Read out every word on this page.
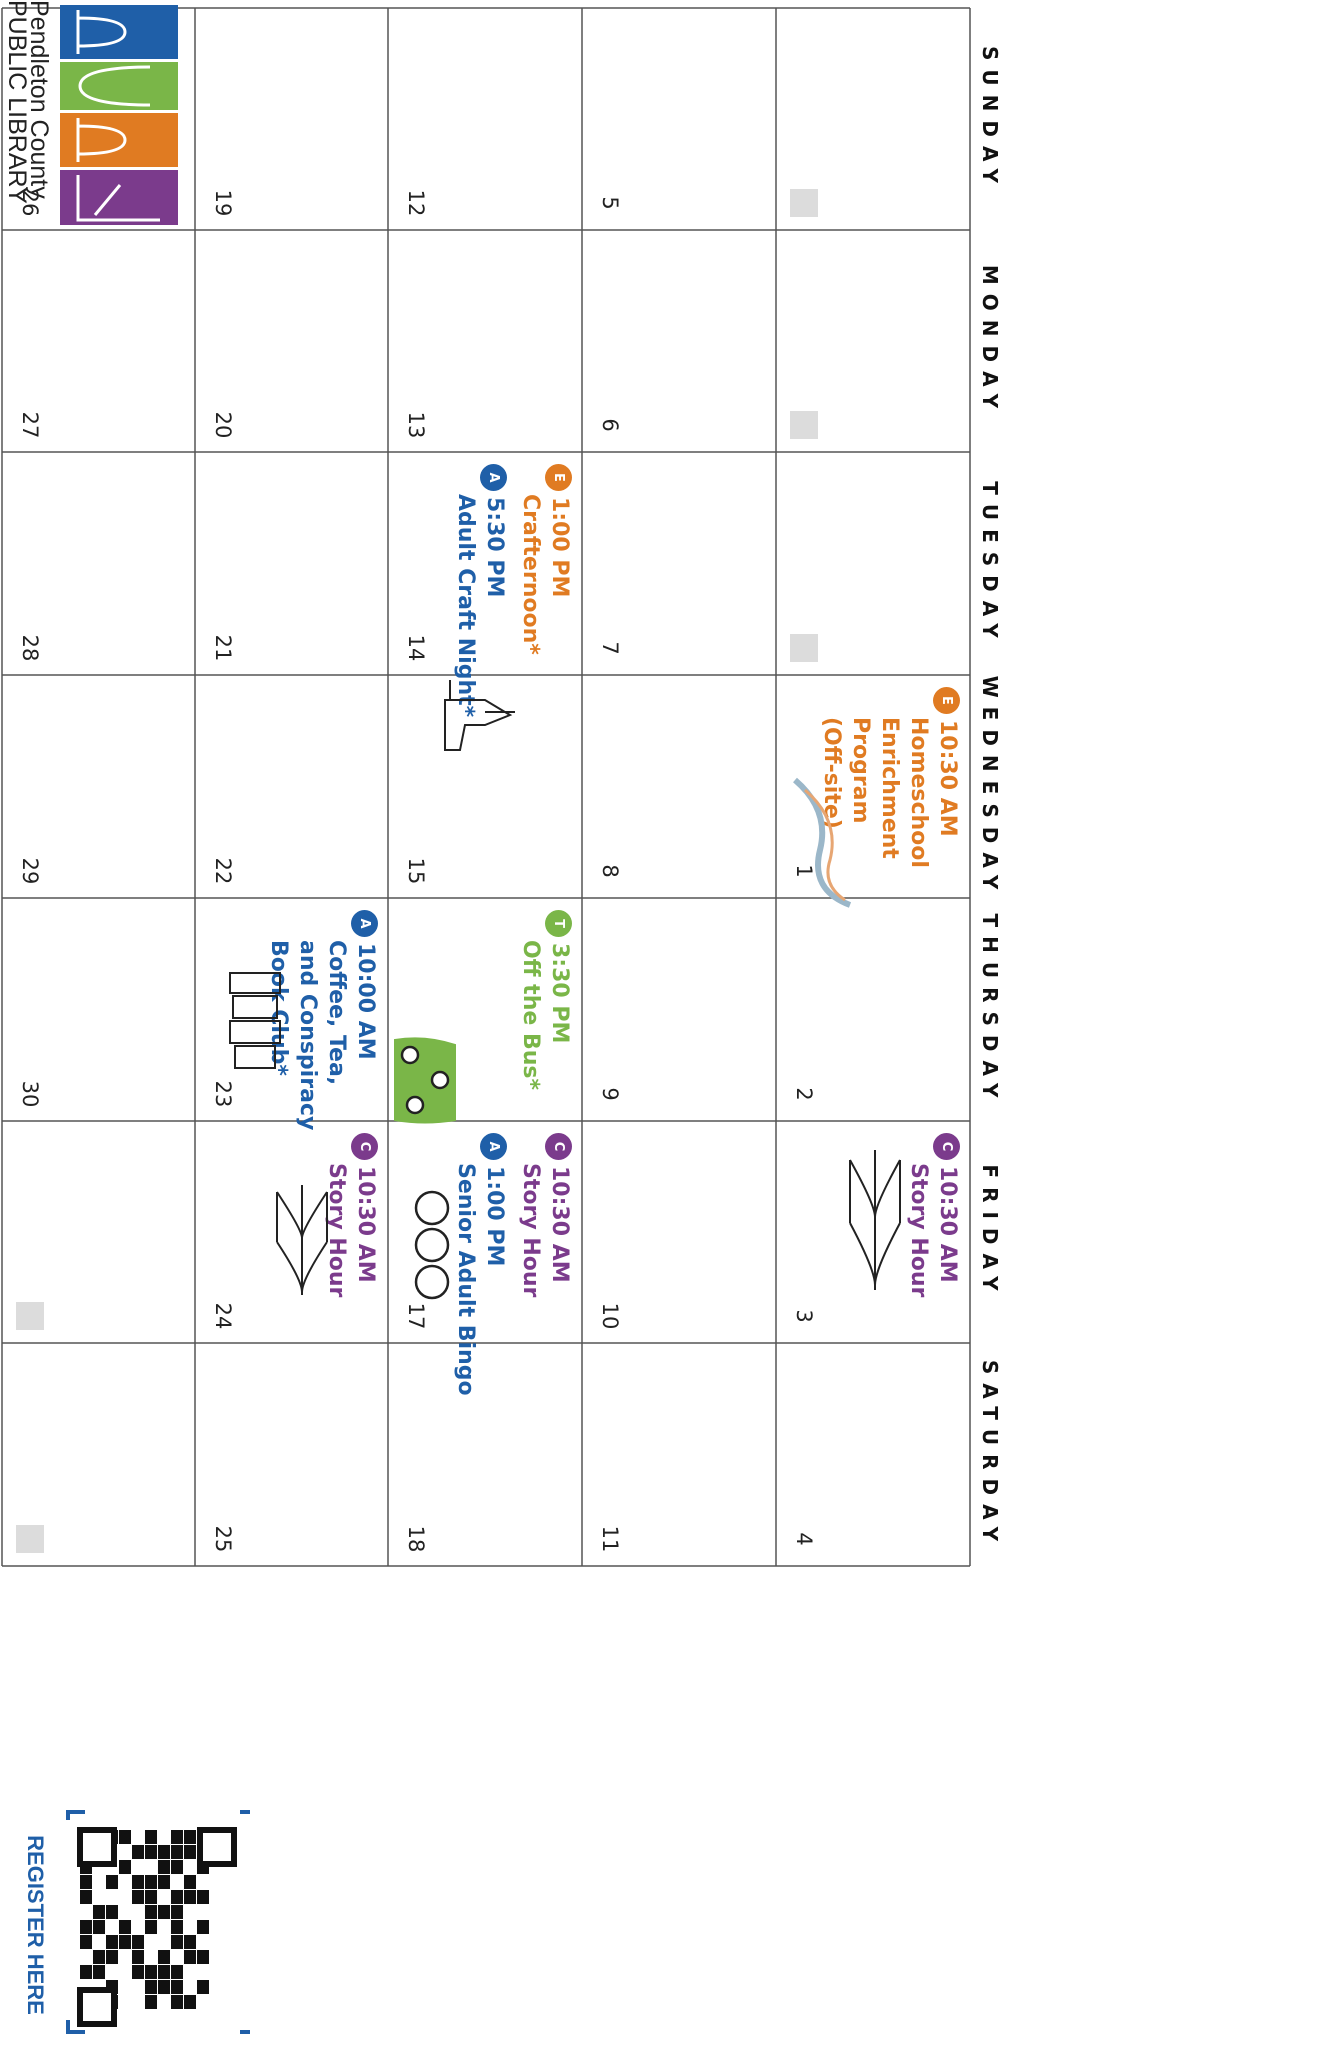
Pendleton County
PUBLIC LIBRARY
REGISTER HERE
SUNDAY
MONDAY
TUESDAY
WEDNESDAY
THURSDAY
FRIDAY
SATURDAY
1
2
3
4
5
6
7
8
9
10
11
12
13
14
15
17
18
19
20
21
22
23
24
25
26
27
28
29
30
E10:30 AM
Homeschool
Enrichment
Program
(Off-site)
C10:30 AM
Story Hour
E1:00 PM
Crafternoon*
A5:30 PM
Adult Craft Night*
T3:30 PM
Off the Bus*
C10:30 AM
Story Hour
A1:00 PM
Senior Adult Bingo
A10:00 AM
Coffee, Tea,
and Conspiracy
Book Club*
C10:30 AM
Story Hour
